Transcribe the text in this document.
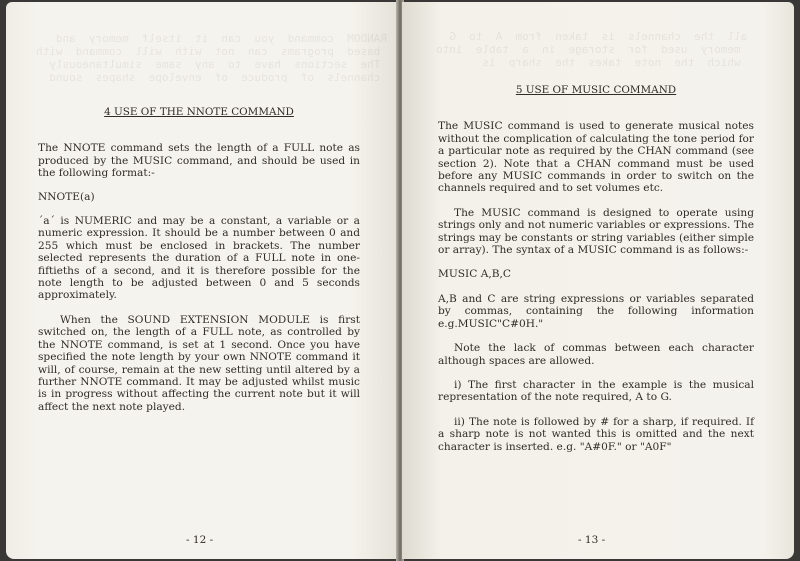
RANDOM  command  you  can  it  itself  memory  and
based  programs  can  not  with  will  command  with
The  sections  have  to  any  same  simultaneously
channels  of  produce  of  envelope  shapes  sound

4 USE OF THE NNOTE COMMAND

The NNOTE command sets the length of a FULL note as produced by the MUSIC command, and should be used in the following format:-

NNOTE(a)

´a´ is NUMERIC and may be a constant, a variable or a numeric expression. It should be a number between 0 and 255 which must be enclosed in brackets. The number selected represents the duration of a FULL note in one-fiftieths of a second, and it is therefore possible for the note length to be adjusted between 0 and 5 seconds approximately.

When the SOUND EXTENSION MODULE is first switched on, the length of a FULL note, as controlled by the NNOTE command, is set at 1 second. Once you have specified the note length by your own NNOTE command it will, of course, remain at the new setting until altered by a further NNOTE command. It may be adjusted whilst music is in progress without affecting the current note but it will affect the next note played.

- 12 -
all  the  channels  is  taken  from  A  to  G
memory  used  for  storage  in  a  table  into
which  the  note  takes  the  sharp  is

5 USE OF MUSIC COMMAND

The MUSIC command is used to generate musical notes without the complication of calculating the tone period for a particular note as required by the CHAN command (see section 2). Note that a CHAN command must be used before any MUSIC commands in order to switch on the channels required and to set volumes etc.

The MUSIC command is designed to operate using strings only and not numeric variables or expressions. The strings may be constants or string variables (either simple or array). The syntax of a MUSIC command is as follows:-

MUSIC A,B,C

A,B and C are string expressions or variables separated by commas, containing the following information e.g.MUSIC"C#0H."

Note the lack of commas between each character although spaces are allowed.

i) The first character in the example is the musical representation of the note required, A to G.

ii) The note is followed by # for a sharp, if required. If a sharp note is not wanted this is omitted and the next character is inserted. e.g. "A#0F." or "A0F"

- 13 -
